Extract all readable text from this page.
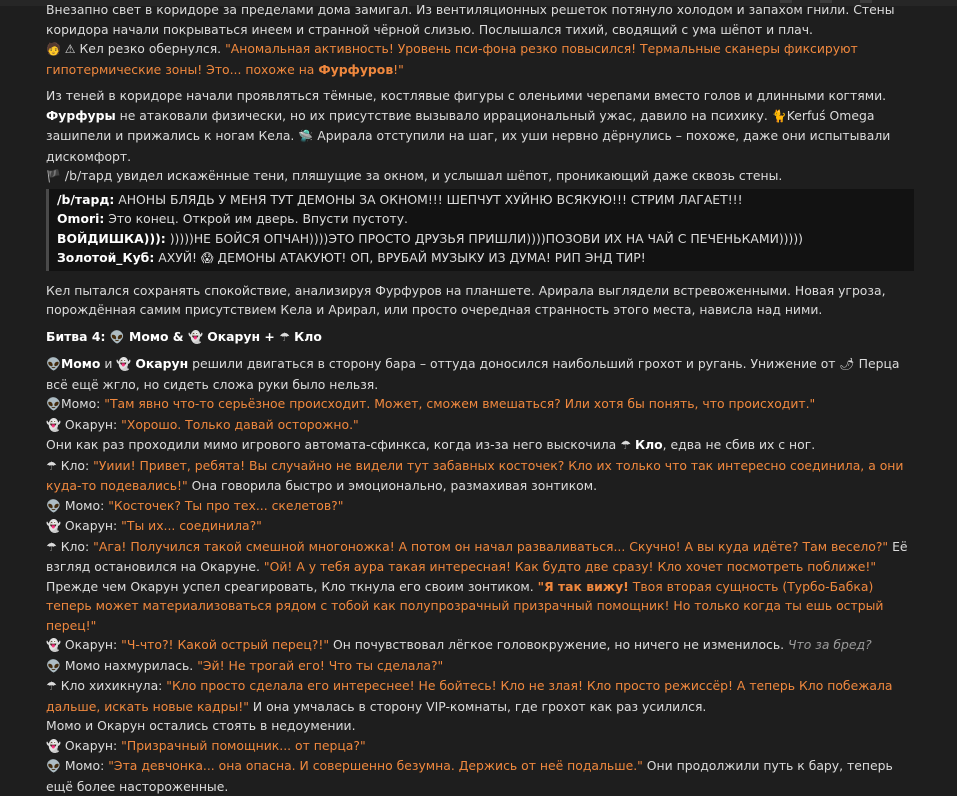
Внезапно свет в коридоре за пределами дома замигал. Из вентиляционных решеток потянуло холодом и запахом гнили. Стены коридора начали покрываться инеем и странной чёрной слизью. Послышался тихий, сводящий с ума шёпот и плач.

🧑 ⚠ Кел резко обернулся. "Аномальная активность! Уровень пси-фона резко повысился! Термальные сканеры фиксируют гипотермические зоны! Это... похоже на Фурфуров!"

Из теней в коридоре начали проявляться тёмные, костлявые фигуры с оленьими черепами вместо голов и длинными когтями. Фурфуры не атаковали физически, но их присутствие вызывало иррациональный ужас, давило на психику. 🐈Kerfuś Omega зашипели и прижались к ногам Кела. 🛸 Арирала отступили на шаг, их уши нервно дёрнулись – похоже, даже они испытывали дискомфорт.

🏴 /b/тард увидел искажённые тени, пляшущие за окном, и услышал шёпот, проникающий даже сквозь стены.

/b/тард: АНОНЫ БЛЯДЬ У МЕНЯ ТУТ ДЕМОНЫ ЗА ОКНОМ!!! ШЕПЧУТ ХУЙНЮ ВСЯКУЮ!!! СТРИМ ЛАГАЕТ!!!

Omori: Это конец. Открой им дверь. Впусти пустоту.

ВОЙДИШКА))): )))))НЕ БОЙСЯ ОПЧАН))))ЭТО ПРОСТО ДРУЗЬЯ ПРИШЛИ))))ПОЗОВИ ИХ НА ЧАЙ С ПЕЧЕНЬКАМИ)))))

Золотой_Куб: АХУЙ! 😱 ДЕМОНЫ АТАКУЮТ! ОП, ВРУБАЙ МУЗЫКУ ИЗ ДУМА! РИП ЭНД ТИР!

Кел пытался сохранять спокойствие, анализируя Фурфуров на планшете. Арирала выглядели встревоженными. Новая угроза, порождённая самим присутствием Кела и Арирал, или просто очередная странность этого места, нависла над ними.

Битва 4: 👽 Момо & 👻 Окарун + ☂ Кло

👽Момо и 👻 Окарун решили двигаться в сторону бара – оттуда доносился наибольший грохот и ругань. Унижение от 🌶 Перца всё ещё жгло, но сидеть сложа руки было нельзя.

👽Момо: "Там явно что-то серьёзное происходит. Может, сможем вмешаться? Или хотя бы понять, что происходит."

👻 Окарун: "Хорошо. Только давай осторожно."

Они как раз проходили мимо игрового автомата-сфинкса, когда из-за него выскочила ☂ Кло, едва не сбив их с ног.

☂ Кло: "Уиии! Привет, ребята! Вы случайно не видели тут забавных косточек? Кло их только что так интересно соединила, а они куда-то подевались!" Она говорила быстро и эмоционально, размахивая зонтиком.

👽 Момо: "Косточек? Ты про тех... скелетов?"

👻 Окарун: "Ты их... соединила?"

☂ Кло: "Ага! Получился такой смешной многоножка! А потом он начал разваливаться... Скучно! А вы куда идёте? Там весело?" Её взгляд остановился на Окаруне. "Ой! А у тебя аура такая интересная! Как будто две сразу! Кло хочет посмотреть поближе!"

Прежде чем Окарун успел среагировать, Кло ткнула его своим зонтиком. "Я так вижу! Твоя вторая сущность (Турбо-Бабка) теперь может материализоваться рядом с тобой как полупрозрачный призрачный помощник! Но только когда ты ешь острый перец!"

👻 Окарун: "Ч-что?! Какой острый перец?!" Он почувствовал лёгкое головокружение, но ничего не изменилось. Что за бред?

👽 Момо нахмурилась. "Эй! Не трогай его! Что ты сделала?"

☂ Кло хихикнула: "Кло просто сделала его интереснее! Не бойтесь! Кло не злая! Кло просто режиссёр! А теперь Кло побежала дальше, искать новые кадры!" И она умчалась в сторону VIP-комнаты, где грохот как раз усилился.

Момо и Окарун остались стоять в недоумении.

👻 Окарун: "Призрачный помощник... от перца?"

👽 Момо: "Эта девчонка... она опасна. И совершенно безумна. Держись от неё подальше." Они продолжили путь к бару, теперь ещё более настороженные.
